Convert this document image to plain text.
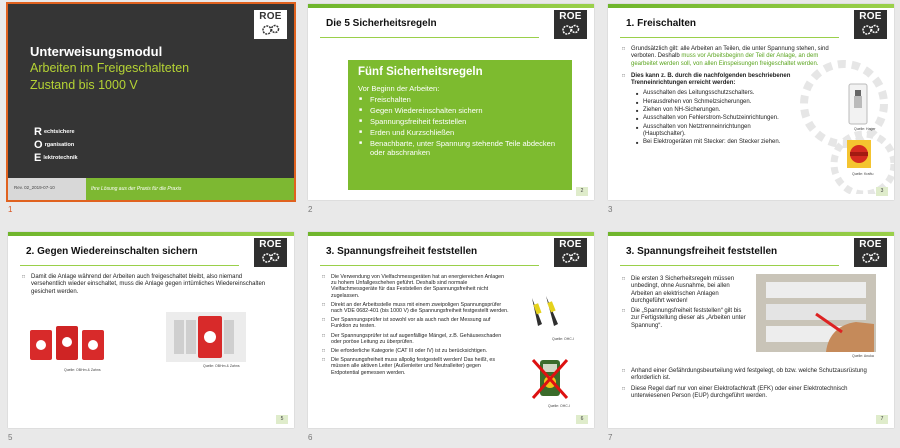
ROE
Unterweisungsmodul
Arbeiten im Freigeschalteten
Zustand bis 1000 V
Rechtsichere
Organisation
Elektrotechnik
Rev. 02_2019-07-10	Ihre Lösung aus der Praxis für die Praxis
1
Die 5 Sicherheitsregeln
ROE
Fünf Sicherheitsregeln
Vor Beginn der Arbeiten:
■ Freischalten
■ Gegen Wiedereinschalten sichern
■ Spannungsfreiheit feststellen
■ Erden und Kurzschließen
■ Benachbarte, unter Spannung stehende Teile abdecken oder abschranken
2
2
1. Freischalten
ROE
□ Grundsätzlich gilt: alle Arbeiten an Teilen, die unter Spannung stehen, sind verboten. Deshalb muss vor Arbeitsbeginn der Teil der Anlage, an dem gearbeitet werden soll, von allen Einspeisungen freigeschaltet werden.
□ Dies kann z. B. durch die nachfolgenden beschriebenen Trenneinrichtungen erreicht werden:
■ Ausschalten des Leitungsschutzschalters.
■ Herausdrehen von Schmelzsicherungen.
■ Ziehen von NH-Sicherungen.
■ Ausschalten von Fehlerstrom-Schutzeinrichtungen.
■ Ausschalten von Netztrenneinrichtungen (Hauptschalter).
■ Bei Elektrogeräten mit Stecker: den Stecker ziehen.
Quelle: Hager
Quelle: Kraftu
3
3
2. Gegen Wiedereinschalten sichern
ROE
□ Damit die Anlage während der Arbeiten auch freigeschaltet bleibt, also niemand versehentlich wieder einschaltet, muss die Anlage gegen irrtümliches Wiedereinschalten gesichert werden.
Quelle: OBHm & Zahns
Quelle: OBHm & Zahns
5
5
3. Spannungsfreiheit feststellen
ROE
□ Die Verwendung von Vielfachmessgeräten hat an energiereichen Anlagen zu hohem Unfallgeschehen geführt. Deshalb sind normale Vielfachmessgeräte für das Feststellen der Spannungsfreiheit nicht zugelassen.
□ Direkt an der Arbeitsstelle muss mit einem zweipoligen Spannungsprüfer nach VDE 0682-401 (bis 1000 V) die Spannungsfreiheit festgestellt werden.
□ Der Spannungsprüfer ist sowohl vor als auch nach der Messung auf Funktion zu testen.
□ Der Spannungsprüfer ist auf augenfällige Mängel, z.B. Gehäuseschaden oder poröse Leitung zu überprüfen.
□ Die erforderliche Kategorie (CAT III oder IV) ist zu berücksichtigen.
□ Die Spannungsfreiheit muss allpolig festgestellt werden! Das heißt, es müssen alle aktiven Leiter (Außenleiter und Neutralleiter) gegen Erdpotential gemessen werden.
Quelle: OHC-I
Quelle: OHC-I
6
6
3. Spannungsfreiheit feststellen
ROE
□ Die ersten 3 Sicherheitsregeln müssen unbedingt, ohne Ausnahme, bei allen Arbeiten an elektrischen Anlagen durchgeführt werden!
□ Die „Spannungsfreiheit feststellen“ gilt bis zur Fertigstellung dieser als „Arbeiten unter Spannung“.
Quelle: Anuka
□ Anhand einer Gefährdungsbeurteilung wird festgelegt, ob bzw. welche Schutzausrüstung erforderlich ist.
□ Diese Regel darf nur von einer Elektrofachkraft (EFK) oder einer Elektrotechnisch unterwiesenen Person (EUP) durchgeführt werden.
7
7
